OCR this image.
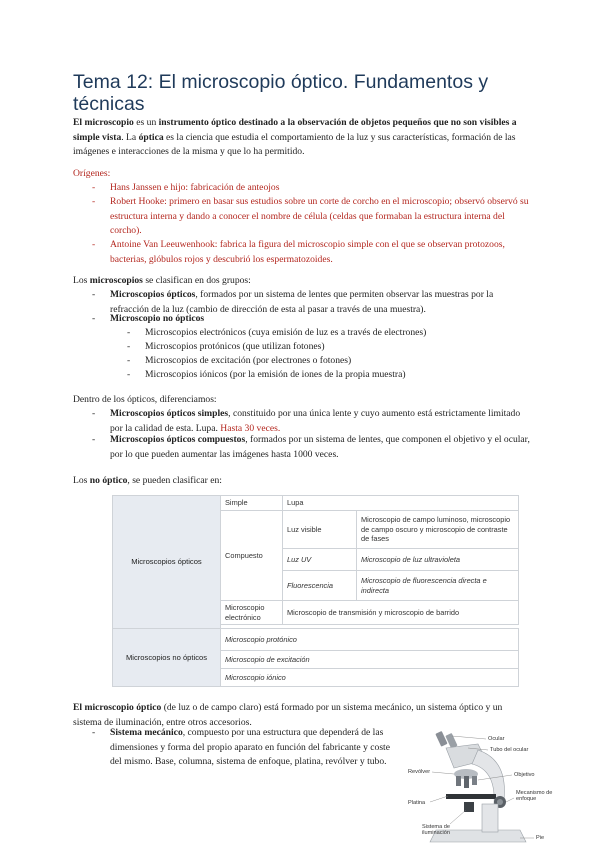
Tema 12: El microscopio óptico. Fundamentos y técnicas
El microscopio es un instrumento óptico destinado a la observación de objetos pequeños que no son visibles a simple vista. La óptica es la ciencia que estudia el comportamiento de la luz y sus características, formación de las imágenes e interacciones de la misma y que lo ha permitido.
Orígenes:
- Hans Janssen e hijo: fabricación de anteojos
- Robert Hooke: primero en basar sus estudios sobre un corte de corcho en el microscopio; observó observó su estructura interna y dando a conocer el nombre de célula (celdas que formaban la estructura interna del corcho).
- Antoine Van Leeuwenhook: fabrica la figura del microscopio simple con el que se observan protozoos, bacterias, glóbulos rojos y descubrió los espermatozoides.
Los microscopios se clasifican en dos grupos:
- Microscopios ópticos, formados por un sistema de lentes que permiten observar las muestras por la refracción de la luz (cambio de dirección de esta al pasar a través de una muestra).
- Microscopio no ópticos
- Microscopios electrónicos (cuya emisión de luz es a través de electrones)
- Microscopios protónicos (que utilizan fotones)
- Microscopios de excitación (por electrones o fotones)
- Microscopios iónicos (por la emisión de iones de la propia muestra)
Dentro de los ópticos, diferenciamos:
- Microscopios ópticos simples, constituido por una única lente y cuyo aumento está estrictamente limitado por la calidad de esta. Lupa. Hasta 30 veces.
- Microscopios ópticos compuestos, formados por un sistema de lentes, que componen el objetivo y el ocular, por lo que pueden aumentar las imágenes hasta 1000 veces.
Los no óptico, se pueden clasificar en:
Microscopios ópticos	Simple	Lupa	
	Compuesto	Luz visible	Microscopio de campo luminoso, microscopio de campo oscuro y microscopio de contraste de fases
		Luz UV	Microscopio de luz ultravioleta
		Fluorescencia	Microscopio de fluorescencia directa e indirecta
	Microscopio electrónico	Microscopio de transmisión y microscopio de barrido	

Microscopios no ópticos	Microscopio protónico		
	Microscopio de excitación		
	Microscopio iónico		
El microscopio óptico (de luz o de campo claro) está formado por un sistema mecánico, un sistema óptico y un sistema de iluminación, entre otros accesorios.
- Sistema mecánico, compuesto por una estructura que dependerá de las dimensiones y forma del propio aparato en función del fabricante y coste del mismo. Base, columna, sistema de enfoque, platina, revólver y tubo.
Ocular
Tubo del ocular
Revólver	Objetivo
Mecanismo de enfoque
Platina
Sistema de iluminación
Pie
